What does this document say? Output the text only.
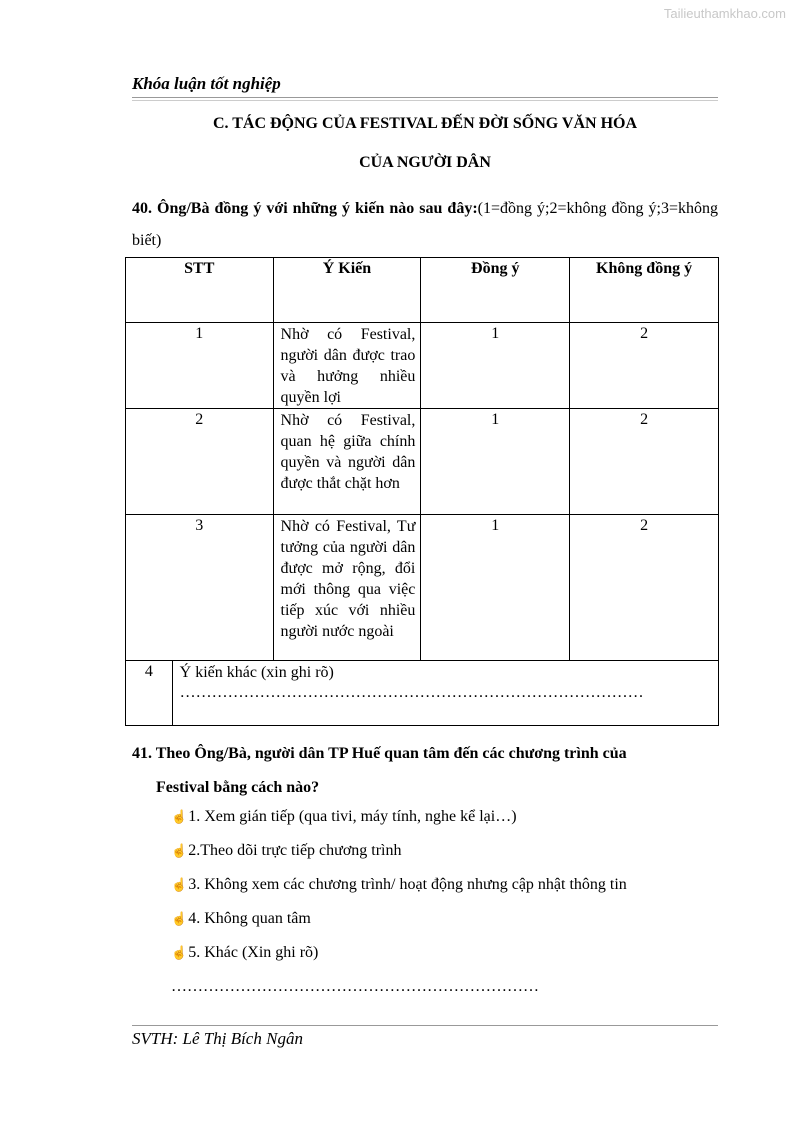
Tailieuthamkhao.com
Khóa luận tốt nghiệp
C. TÁC ĐỘNG CỦA FESTIVAL ĐẾN ĐỜI SỐNG VĂN HÓA
CỦA NGƯỜI DÂN
40. Ông/Bà đồng ý với những ý kiến nào sau đây:(1=đồng ý;2=không đồng ý;3=không biết)
STT		Ý Kiến	Đồng ý	Không đồng ý
1		Nhờ có Festival, người dân được trao và hưởng nhiều quyền lợi	1	2
2		Nhờ có Festival, quan hệ giữa chính quyền và người dân được thắt chặt hơn	1	2
3		Nhờ có Festival, Tư tưởng của người dân được mở rộng, đổi mới thông qua việc tiếp xúc với nhiều người nước ngoài	1	2
4	Ý kiến khác (xin ghi rõ)
……………………………………………………………………………			
41. Theo Ông/Bà, người dân TP Huế quan tâm đến các chương trình của
Festival bằng cách nào?
☝1. Xem gián tiếp (qua tivi, máy tính, nghe kể lại…)
☝2.Theo dõi trực tiếp chương trình
☝3. Không xem các chương trình/ hoạt động nhưng cập nhật thông tin
☝4. Không quan tâm
☝5. Khác (Xin ghi rõ)
……………………………………………………………
SVTH: Lê Thị Bích Ngân
